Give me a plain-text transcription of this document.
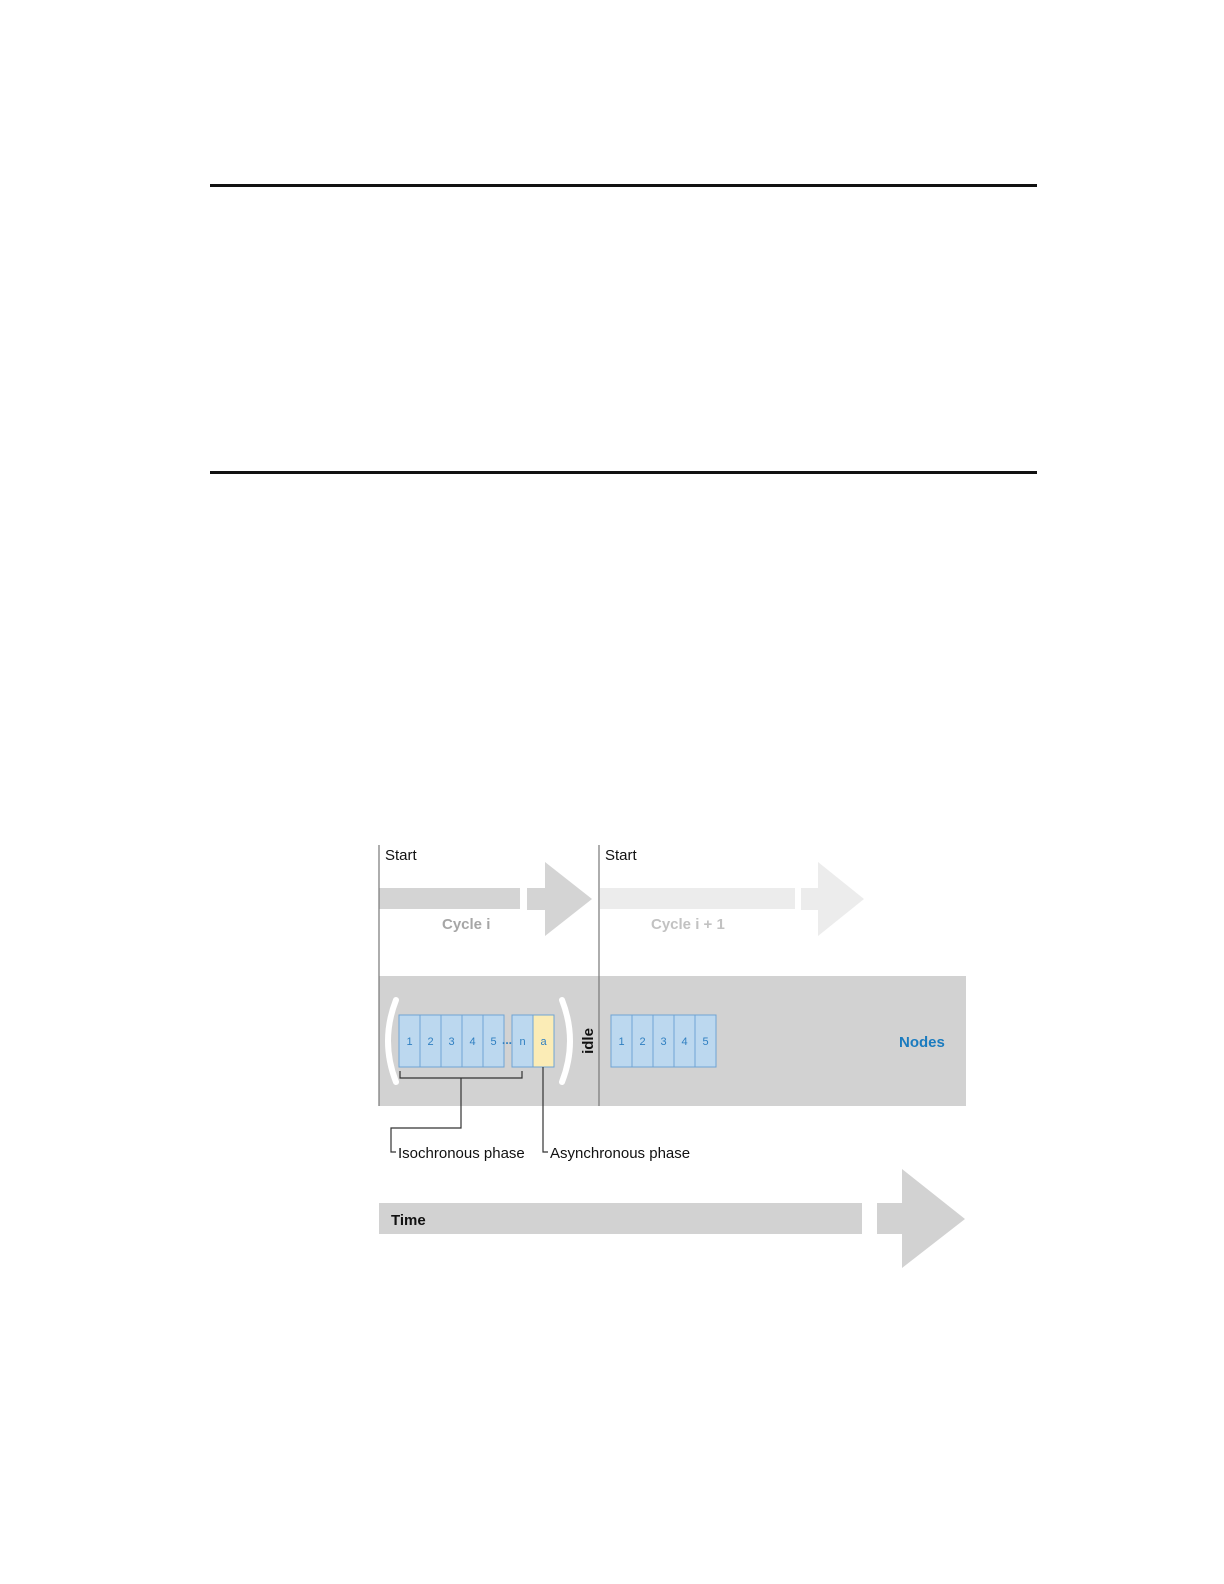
Start	Start
Cycle i	Cycle i + 1
1 2 3 4 5 ... n a idle 1 2 3 4 5	Nodes
Isochronous phase Asynchronous phase
Time
